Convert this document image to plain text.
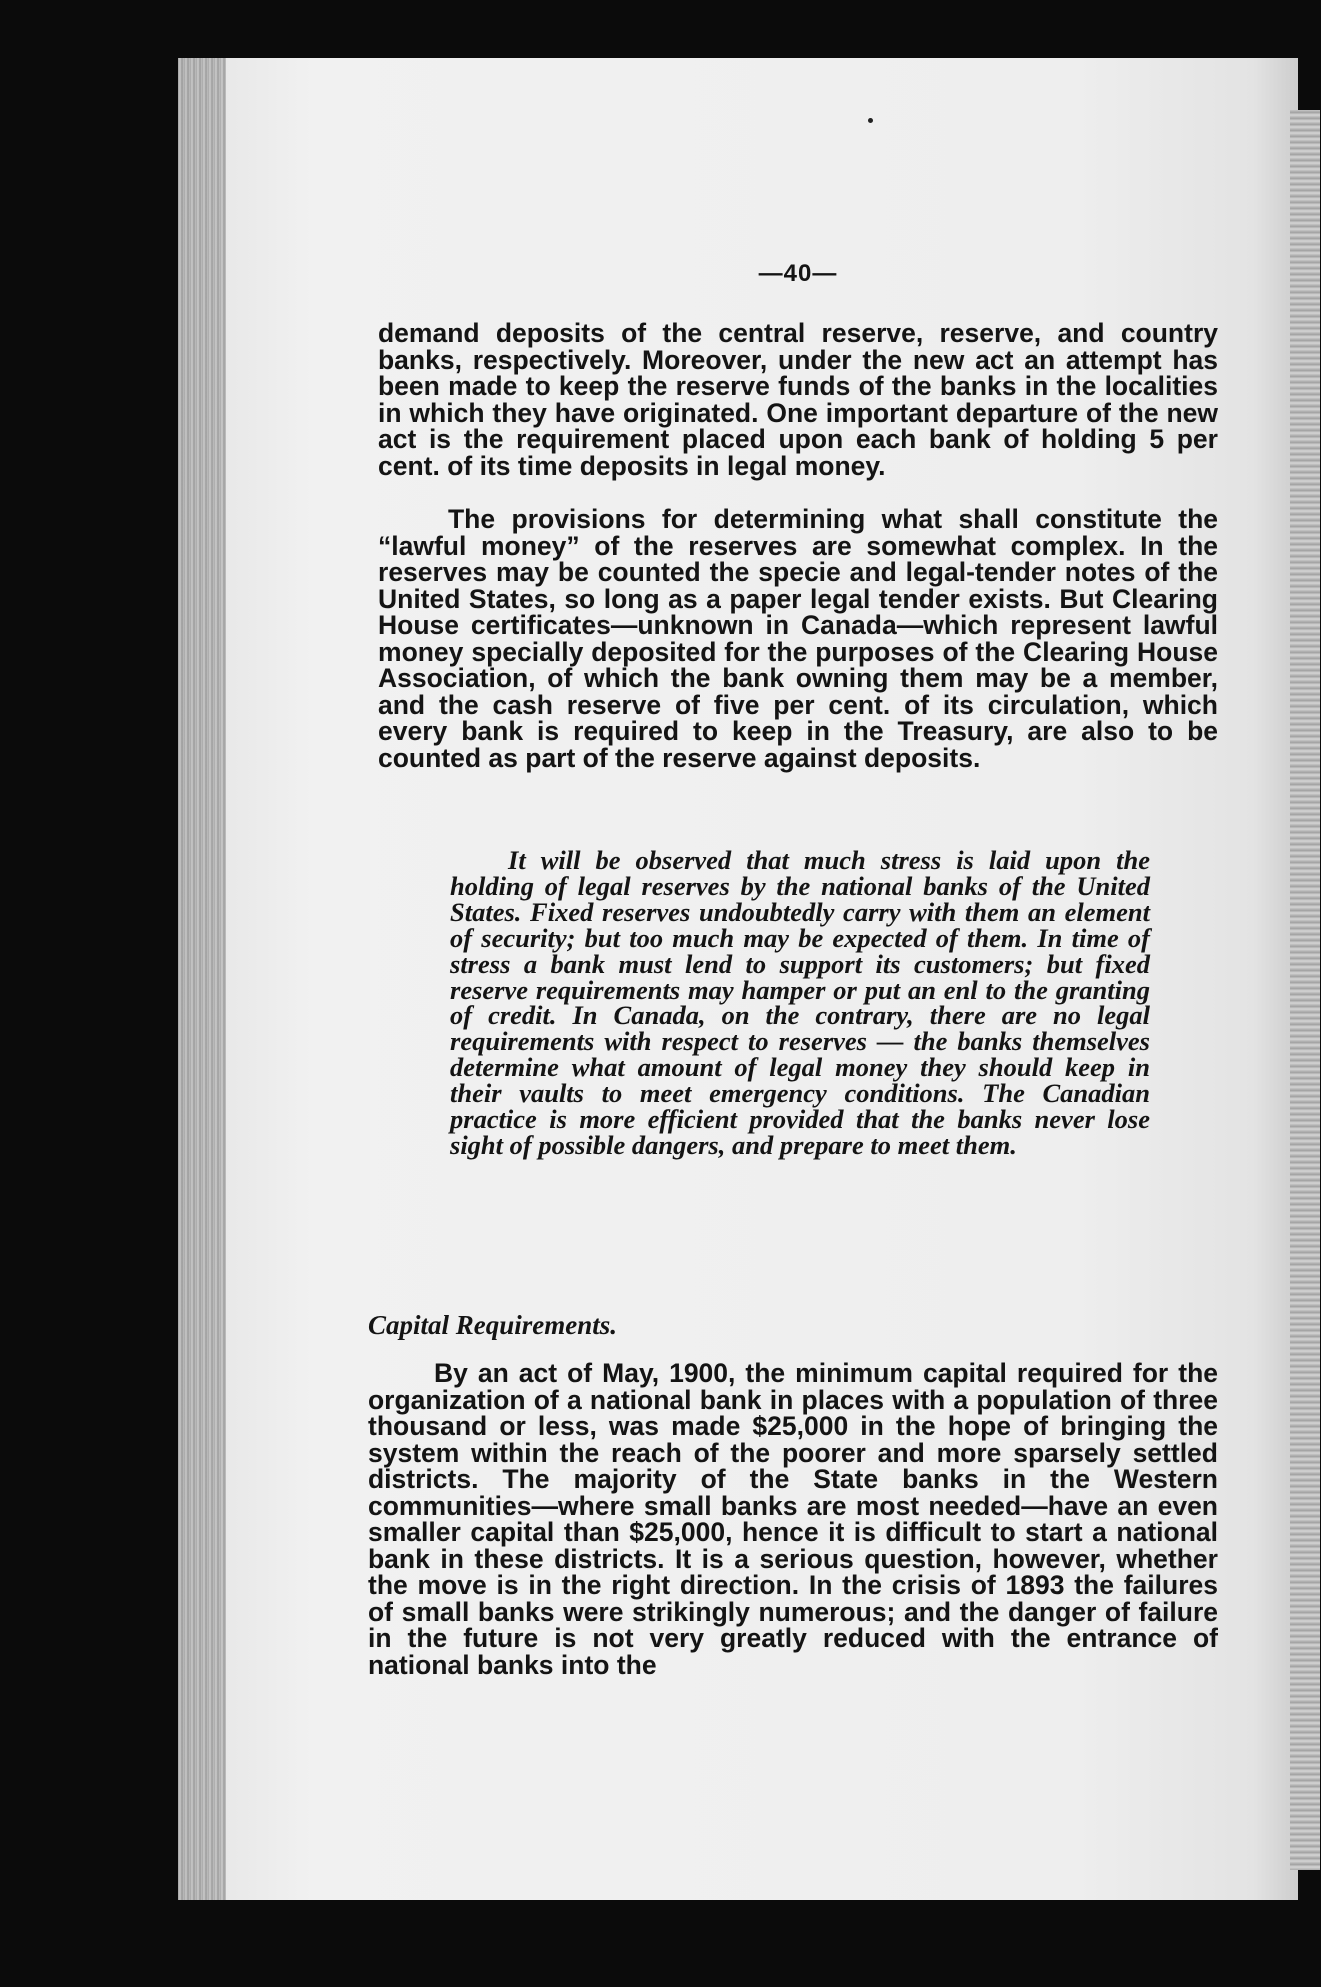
—40—

demand deposits of the central reserve, reserve, and country banks, respectively. Moreover, under the new act an attempt has been made to keep the reserve funds of the banks in the localities in which they have originated. One important departure of the new act is the requirement placed upon each bank of holding 5 per cent. of its time deposits in legal money.

The provisions for determining what shall constitute the “lawful money” of the reserves are somewhat complex. In the reserves may be counted the specie and legal-tender notes of the United States, so long as a paper legal tender exists. But Clearing House certificates—unknown in Canada—which represent lawful money specially deposited for the purposes of the Clearing House Association, of which the bank owning them may be a member, and the cash reserve of five per cent. of its circulation, which every bank is required to keep in the Treasury, are also to be counted as part of the reserve against deposits.

It will be observed that much stress is laid upon the holding of legal reserves by the national banks of the United States. Fixed reserves undoubtedly carry with them an element of security; but too much may be expected of them. In time of stress a bank must lend to support its customers; but fixed reserve requirements may hamper or put an enl to the granting of credit. In Canada, on the contrary, there are no legal requirements with respect to reserves — the banks themselves determine what amount of legal money they should keep in their vaults to meet emergency conditions. The Canadian practice is more efficient provided that the banks never lose sight of possible dangers, and prepare to meet them.

Capital Requirements.

By an act of May, 1900, the minimum capital required for the organization of a national bank in places with a population of three thousand or less, was made $25,000 in the hope of bringing the system within the reach of the poorer and more sparsely settled districts. The majority of the State banks in the Western communities—where small banks are most needed—have an even smaller capital than $25,000, hence it is difficult to start a national bank in these districts. It is a serious question, however, whether the move is in the right direction. In the crisis of 1893 the failures of small banks were strikingly numerous; and the danger of failure in the future is not very greatly reduced with the entrance of national banks into the
